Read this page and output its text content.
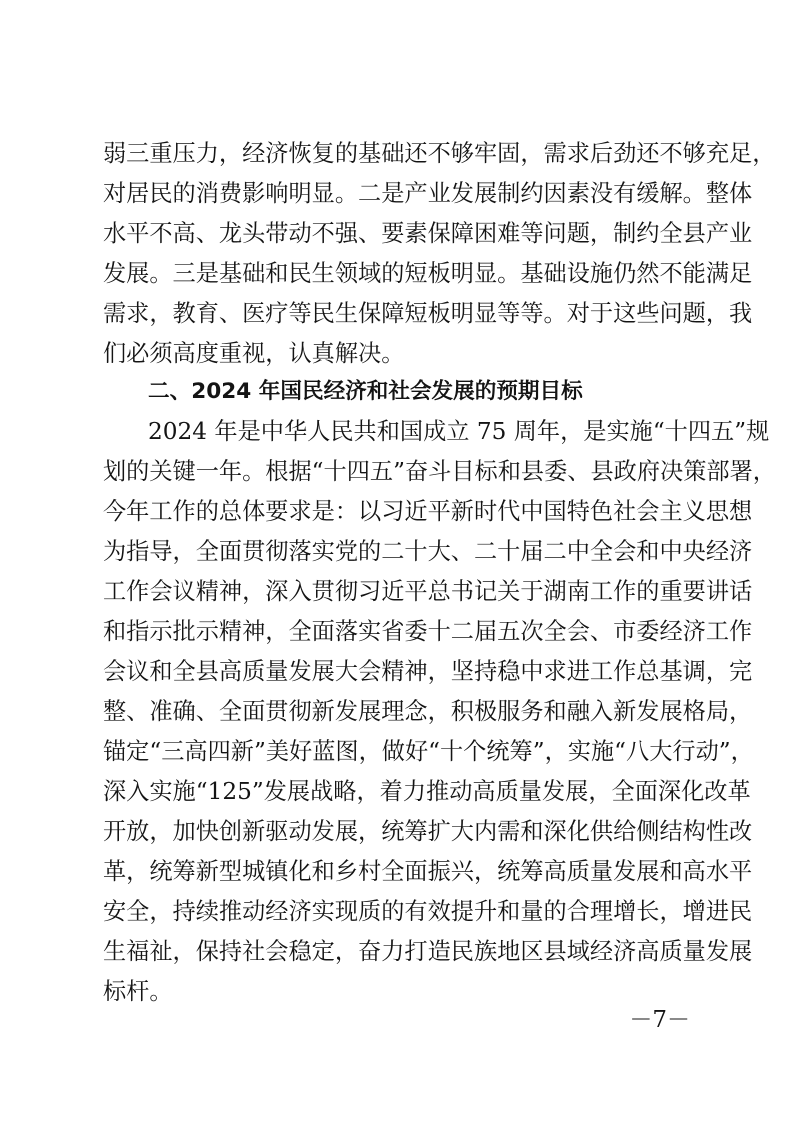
弱三重压力，经济恢复的基础还不够牢固，需求后劲还不够充足，
对居民的消费影响明显。二是产业发展制约因素没有缓解。整体
水平不高、龙头带动不强、要素保障困难等问题，制约全县产业
发展。三是基础和民生领域的短板明显。基础设施仍然不能满足
需求，教育、医疗等民生保障短板明显等等。对于这些问题，我
们必须高度重视，认真解决。
二、2024 年国民经济和社会发展的预期目标
2024 年是中华人民共和国成立 75 周年，是实施“十四五”规
划的关键一年。根据“十四五”奋斗目标和县委、县政府决策部署，
今年工作的总体要求是：以习近平新时代中国特色社会主义思想
为指导，全面贯彻落实党的二十大、二十届二中全会和中央经济
工作会议精神，深入贯彻习近平总书记关于湖南工作的重要讲话
和指示批示精神，全面落实省委十二届五次全会、市委经济工作
会议和全县高质量发展大会精神，坚持稳中求进工作总基调，完
整、准确、全面贯彻新发展理念，积极服务和融入新发展格局，
锚定“三高四新”美好蓝图，做好“十个统筹”，实施“八大行动”，
深入实施“125”发展战略，着力推动高质量发展，全面深化改革
开放，加快创新驱动发展，统筹扩大内需和深化供给侧结构性改
革，统筹新型城镇化和乡村全面振兴，统筹高质量发展和高水平
安全，持续推动经济实现质的有效提升和量的合理增长，增进民
生福祉，保持社会稳定，奋力打造民族地区县域经济高质量发展
标杆。
－7－
